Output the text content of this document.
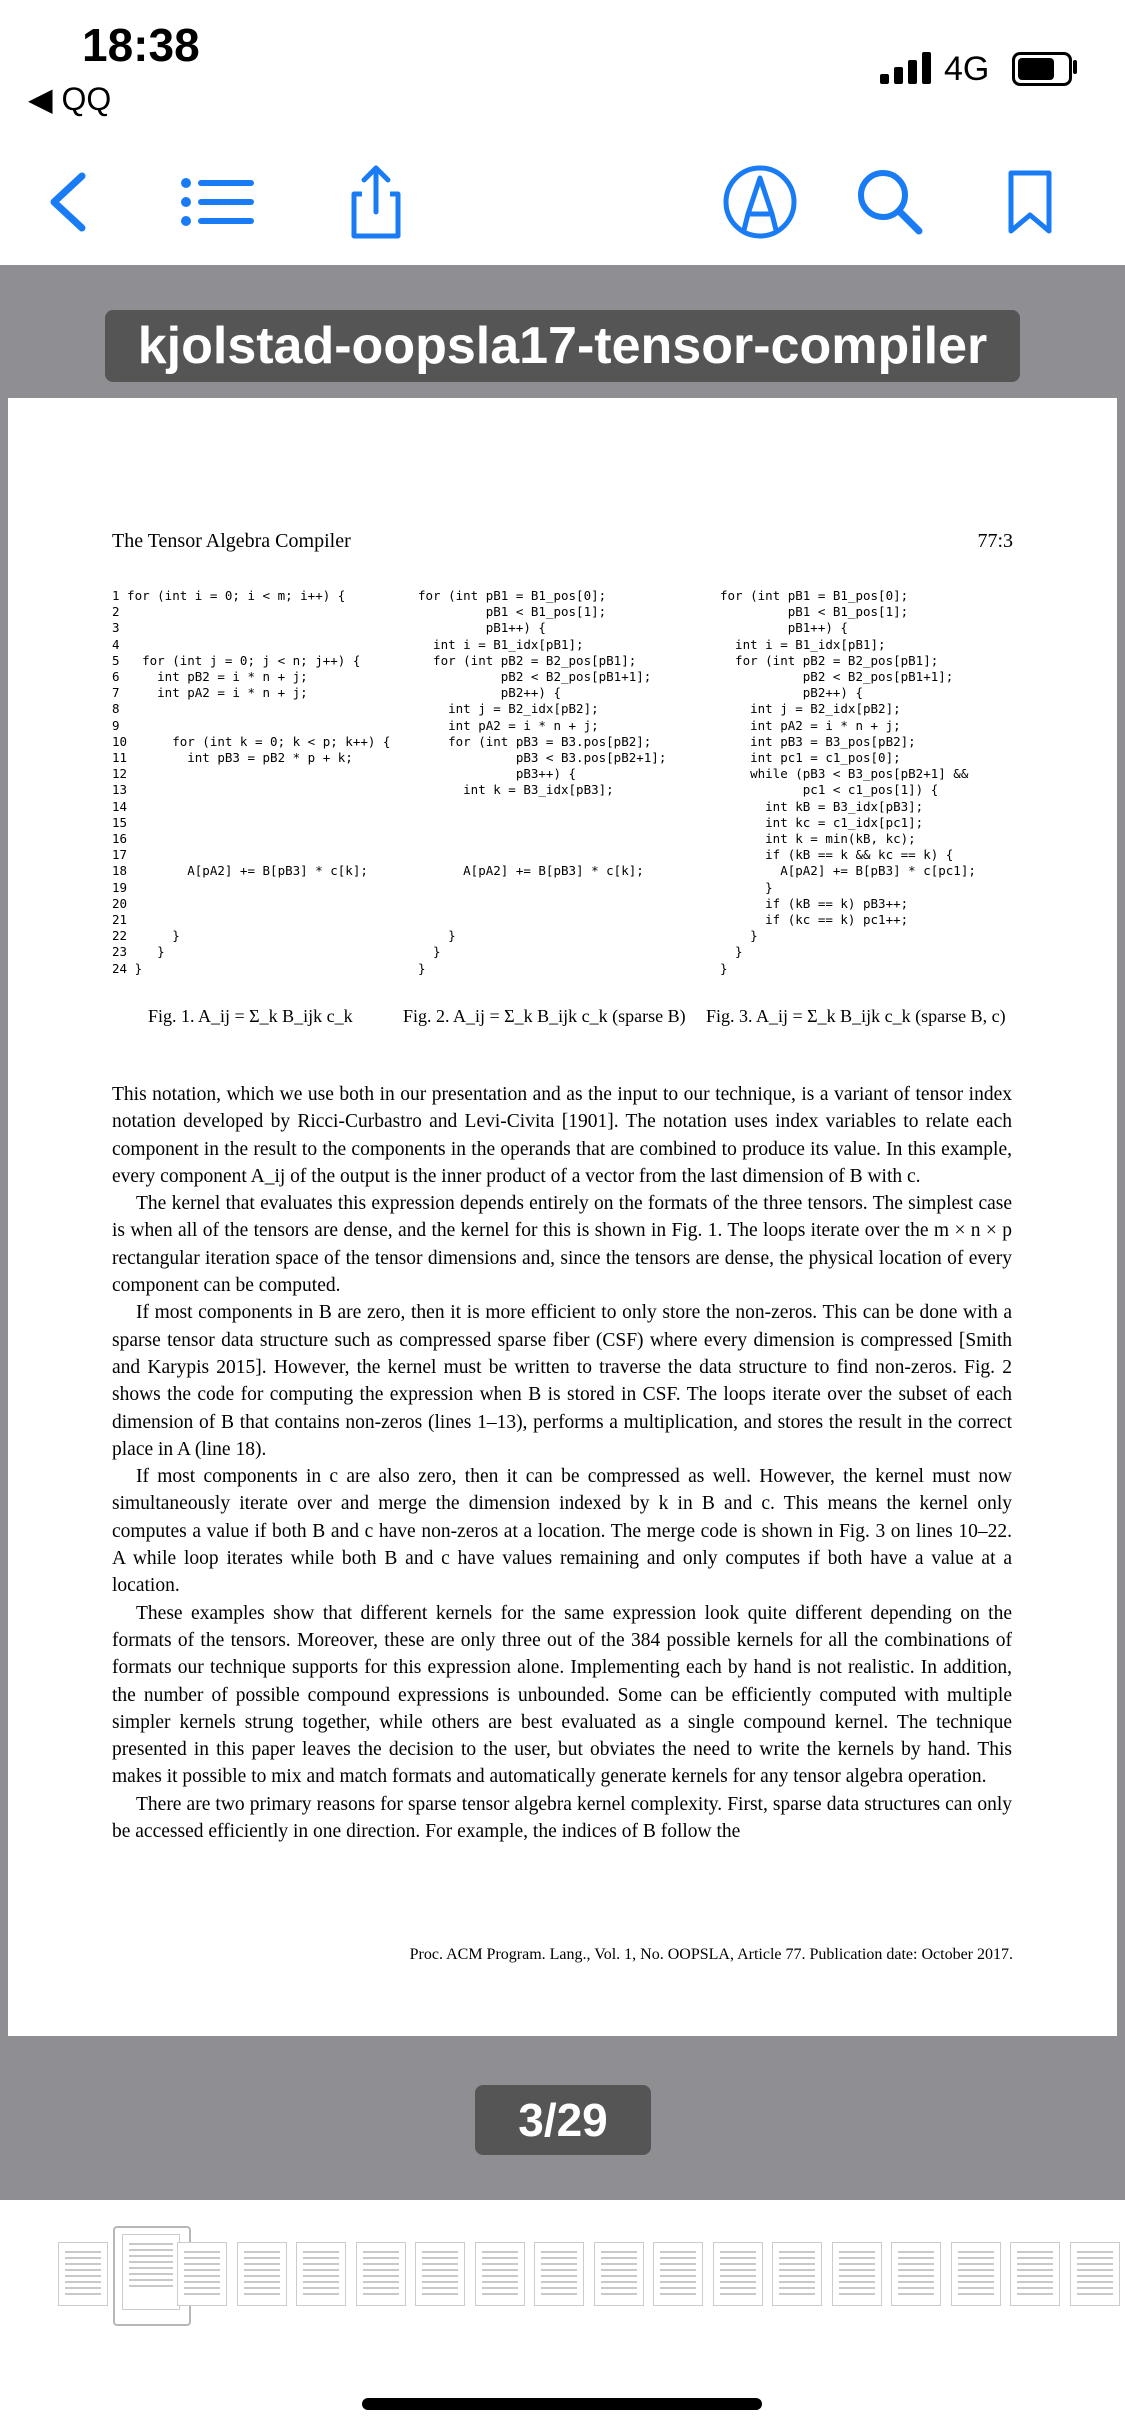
18:38
◀ QQ
4G
kjolstad-oopsla17-tensor-compiler
The Tensor Algebra Compiler	77:3
1 for (int i = 0; i < m; i++) {
2
3
4
5   for (int j = 0; j < n; j++) {
6     int pB2 = i * n + j;
7     int pA2 = i * n + j;
8
9
10      for (int k = 0; k < p; k++) {
11        int pB3 = pB2 * p + k;
12
13
14
15
16
17
18        A[pA2] += B[pB3] * c[k];
19
20
21
22      }
23    }
24 }
for (int pB1 = B1_pos[0];
pB1 < B1_pos[1];
pB1++) {
int i = B1_idx[pB1];
for (int pB2 = B2_pos[pB1];
pB2 < B2_pos[pB1+1];
pB2++) {
int j = B2_idx[pB2];
int pA2 = i * n + j;
for (int pB3 = B3.pos[pB2];
pB3 < B3.pos[pB2+1];
pB3++) {
int k = B3_idx[pB3];

A[pA2] += B[pB3] * c[k];

}
}
}
for (int pB1 = B1_pos[0];
pB1 < B1_pos[1];
pB1++) {
int i = B1_idx[pB1];
for (int pB2 = B2_pos[pB1];
pB2 < B2_pos[pB1+1];
pB2++) {
int j = B2_idx[pB2];
int pA2 = i * n + j;
int pB3 = B3_pos[pB2];
int pc1 = c1_pos[0];
while (pB3 < B3_pos[pB2+1] &&
pc1 < c1_pos[1]) {
int kB = B3_idx[pB3];
int kc = c1_idx[pc1];
int k = min(kB, kc);
if (kB == k && kc == k) {
A[pA2] += B[pB3] * c[pc1];
}
if (kB == k) pB3++;
if (kc == k) pc1++;
}
}
}
Fig. 1. A_ij = Σ_k B_ijk c_k	Fig. 2. A_ij = Σ_k B_ijk c_k (sparse B) Fig. 3. A_ij = Σ_k B_ijk c_k (sparse B, c)

This notation, which we use both in our presentation and as the input to our technique, is a variant of tensor index notation developed by Ricci-Curbastro and Levi-Civita [1901]. The notation uses index variables to relate each component in the result to the components in the operands that are combined to produce its value. In this example, every component A_ij of the output is the inner product of a vector from the last dimension of B with c.

The kernel that evaluates this expression depends entirely on the formats of the three tensors. The simplest case is when all of the tensors are dense, and the kernel for this is shown in Fig. 1. The loops iterate over the m × n × p rectangular iteration space of the tensor dimensions and, since the tensors are dense, the physical location of every component can be computed.

If most components in B are zero, then it is more efficient to only store the non-zeros. This can be done with a sparse tensor data structure such as compressed sparse fiber (CSF) where every dimension is compressed [Smith and Karypis 2015]. However, the kernel must be written to traverse the data structure to find non-zeros. Fig. 2 shows the code for computing the expression when B is stored in CSF. The loops iterate over the subset of each dimension of B that contains non-zeros (lines 1–13), performs a multiplication, and stores the result in the correct place in A (line 18).

If most components in c are also zero, then it can be compressed as well. However, the kernel must now simultaneously iterate over and merge the dimension indexed by k in B and c. This means the kernel only computes a value if both B and c have non-zeros at a location. The merge code is shown in Fig. 3 on lines 10–22. A while loop iterates while both B and c have values remaining and only computes if both have a value at a location.

These examples show that different kernels for the same expression look quite different depending on the formats of the tensors. Moreover, these are only three out of the 384 possible kernels for all the combinations of formats our technique supports for this expression alone. Implementing each by hand is not realistic. In addition, the number of possible compound expressions is unbounded. Some can be efficiently computed with multiple simpler kernels strung together, while others are best evaluated as a single compound kernel. The technique presented in this paper leaves the decision to the user, but obviates the need to write the kernels by hand. This makes it possible to mix and match formats and automatically generate kernels for any tensor algebra operation.

There are two primary reasons for sparse tensor algebra kernel complexity. First, sparse data structures can only be accessed efficiently in one direction. For example, the indices of B follow the

Proc. ACM Program. Lang., Vol. 1, No. OOPSLA, Article 77. Publication date: October 2017.
3/29
